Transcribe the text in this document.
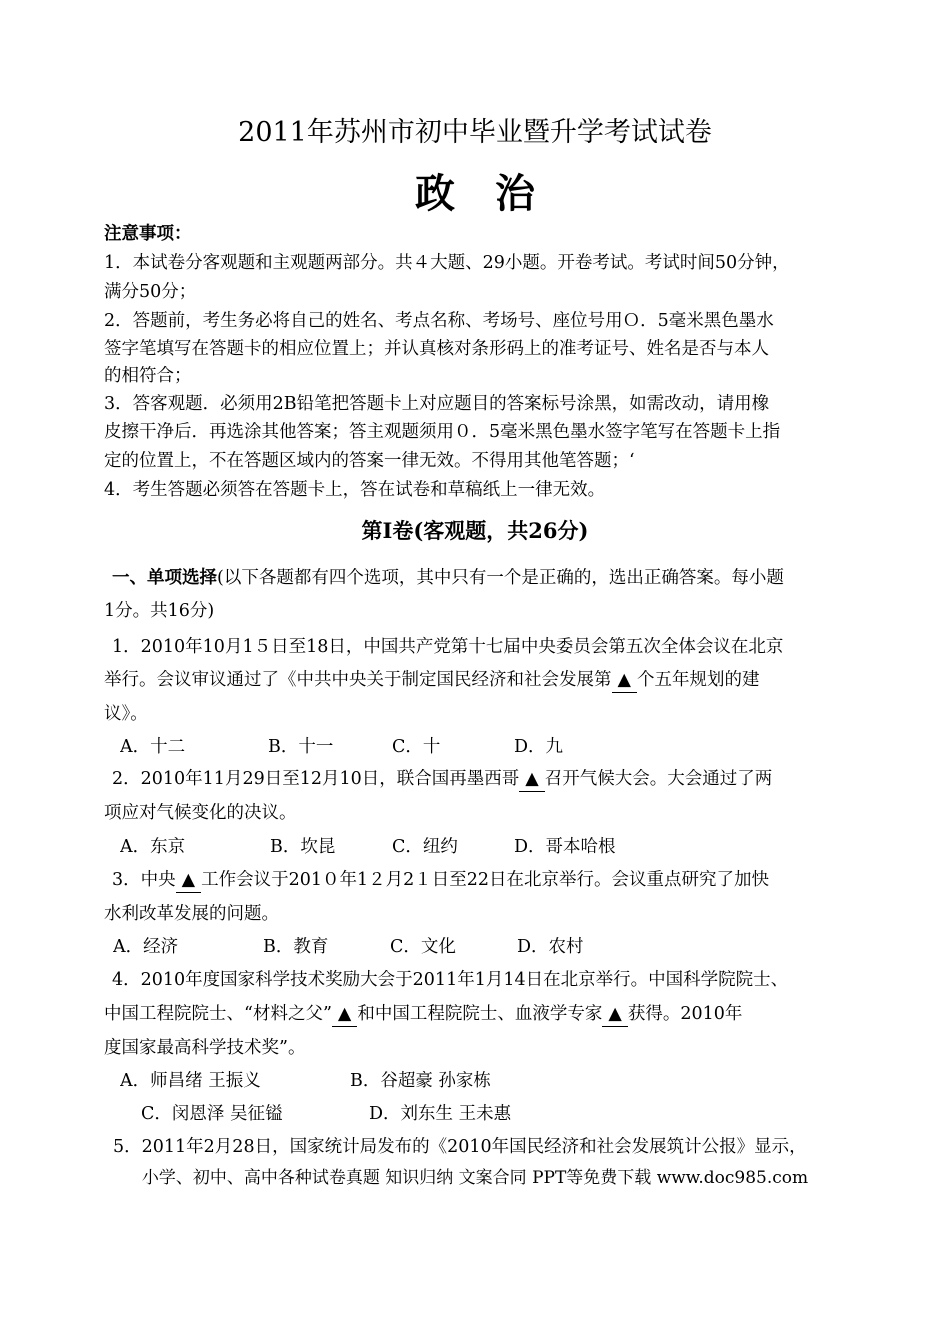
2011年苏州市初中毕业暨升学考试试卷
政 治
注意事项：
1．本试卷分客观题和主观题两部分。共４大题、29小题。开卷考试。考试时间50分钟，
满分50分；
2．答题前，考生务必将自己的姓名、考点名称、考场号、座位号用Ｏ．5毫米黑色墨水
签字笔填写在答题卡的相应位置上；并认真核对条形码上的准考证号、姓名是否与本人
的相符合；
3．答客观题．必须用2B铅笔把答题卡上对应题目的答案标号涂黑，如需改动，请用橡
皮擦干净后．再选涂其他答案；答主观题须用０．5毫米黑色墨水签字笔写在答题卡上指
定的位置上，不在答题区域内的答案一律无效。不得用其他笔答题；‘
4．考生答题必须答在答题卡上，答在试卷和草稿纸上一律无效。
第Ⅰ卷(客观题，共26分)
一、单项选择(以下各题都有四个选项，其中只有一个是正确的，选出正确答案。每小题
1分。共16分)
1．2010年10月1５日至18日，中国共产党第十七届中央委员会第五次全体会议在北京
举行。会议审议通过了《中共中央关于制定国民经济和社会发展第 ▲ 个五年规划的建
议》。
A．十二	B．十一	C．十	D．九
2．2010年11月29日至12月10日，联合国再墨西哥 ▲ 召开气候大会。大会通过了两
项应对气候变化的决议。
A．东京	B．坎昆	C．纽约	D．哥本哈根
3．中央 ▲ 工作会议于201０年1２月2１日至22日在北京举行。会议重点研究了加快
水利改革发展的问题。
A．经济	B．教育	C．文化	D．农村
4．2010年度国家科学技术奖励大会于2011年1月14日在北京举行。中国科学院院士、
中国工程院院士、“材料之父” ▲ 和中国工程院院士、血液学专家 ▲ 获得。2010年
度国家最高科学技术奖”。
A．师昌绪 王振义	B．谷超豪 孙家栋
C．闵恩泽 吴征镒	D．刘东生 王未惠
5．2011年2月28日，国家统计局发布的《2010年国民经济和社会发展筑计公报》显示，
小学、初中、高中各种试卷真题 知识归纳 文案合同 PPT等免费下载 www.doc985.com
